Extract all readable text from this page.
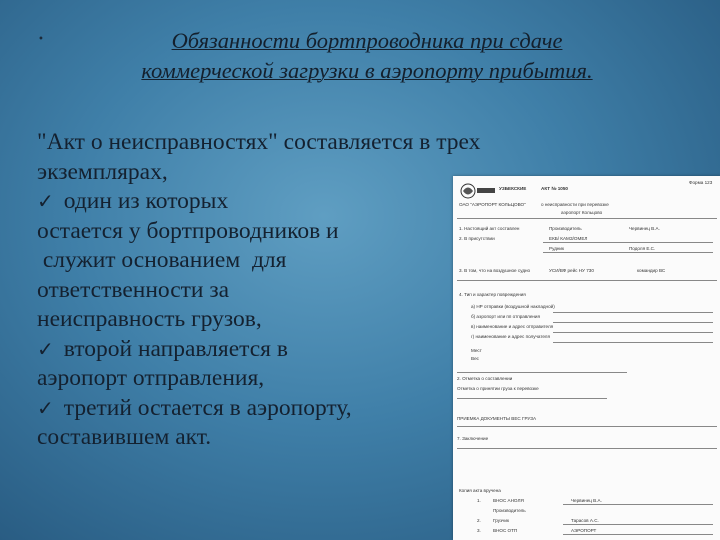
•	Обязанности бортпроводника при сдаче
коммерческой загрузки в аэропорту прибытия.
"Акт о неисправностях" составляется в трех
экземплярах,
✓ один из которых
остается у бортпроводников и
служит основанием  для
ответственности за
неисправность грузов,
✓ второй направляется в
аэропорт отправления,
✓ третий остается в аэропорту,
составившем акт.
УЗБЕКСКИЕ	АКТ № 1050
Форма 123
ОАО "АЭРОПОРТ КОЛЬЦОВО"	о неисправности при перевозке
аэропорт Кольцово
1. Настоящий акт составлен	Производитель	Червинец В.А.
2. В присутствии	ЕКБ/ КАМЗ/ОМЕЛ
Рудник	Подоля Е.С.
3. В том, что на воздушное судно	УСИ/ВФ рейс НУ 730	командир ВС
4. Тип и характер повреждения
а) НР отправки (воздушной накладной)
б) аэропорт или пп отправления
в) наименование и адрес отправителя
г) наименование и адрес получателя
Мест
Вес
2. Отметка о составлении
Отметка о принятии груза к перевозке
ПРИЕМКА ДОКУМЕНТЫ ВЕС ГРУЗА
7. Заключение
Копия акта вручена
1.	ВНОС АНОЛЯ	Червинец В.А.
Производитель
2.	Грузчик	Тарасов А.С.
3.	ВНОС ОТП	АЭРОПОРТ
